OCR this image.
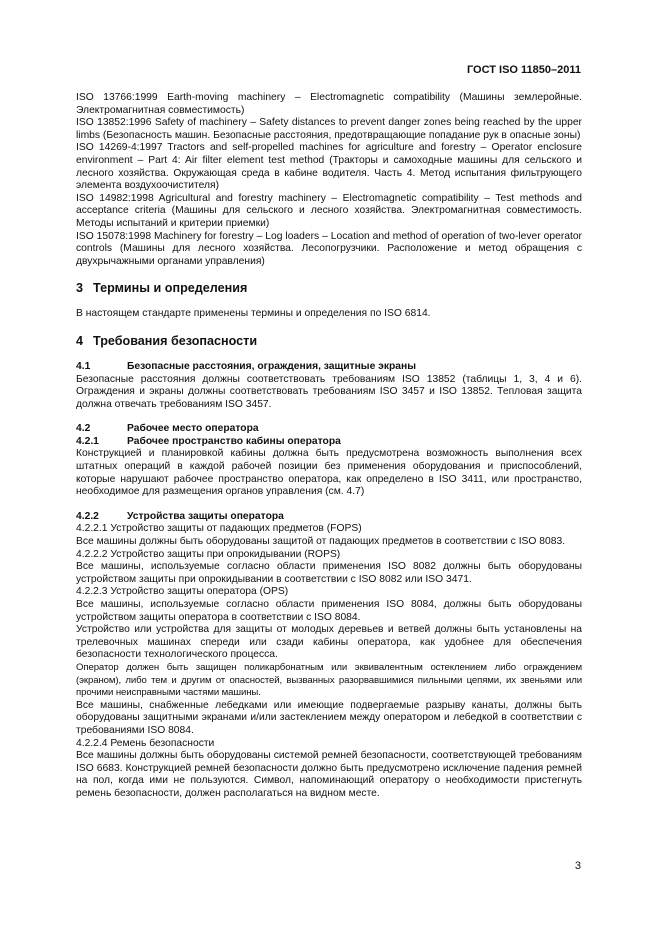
ГОСТ ISO 11850–2011

ISO 13766:1999 Earth-moving machinery – Electromagnetic compatibility (Машины землеройные. Электромагнитная совместимость)

ISO 13852:1996 Safety of machinery – Safety distances to prevent danger zones being reached by the upper limbs (Безопасность машин. Безопасные расстояния, предотвращающие попадание рук в опасные зоны)

ISO 14269-4:1997 Tractors and self-propelled machines for agriculture and forestry – Operator enclosure environment – Part 4: Air filter element test method (Тракторы и самоходные машины для сельского и лесного хозяйства. Окружающая среда в кабине водителя. Часть 4. Метод испытания фильтрующего элемента воздухоочистителя)

ISO 14982:1998 Agricultural and forestry machinery – Electromagnetic compatibility – Test methods and acceptance criteria (Машины для сельского и лесного хозяйства. Электромагнитная совместимость. Методы испытаний и критерии приемки)

ISO 15078:1998 Machinery for forestry – Log loaders – Location and method of operation of two-lever operator controls (Машины для лесного хозяйства. Лесопогрузчики. Расположение и метод обращения с двухрычажными органами управления)

3 Термины и определения

В настоящем стандарте применены термины и определения по ISO 6814.

4 Требования безопасности
4.1	Безопасные расстояния, ограждения, защитные экраны

Безопасные расстояния должны соответствовать требованиям ISO 13852 (таблицы 1, 3, 4 и 6). Ограждения и экраны должны соответствовать требованиям ISO 3457 и ISO 13852. Тепловая защита должна отвечать требованиям ISO 3457.

4.2	Рабочее место оператора
4.2.1	Рабочее пространство кабины оператора

Конструкцией и планировкой кабины должна быть предусмотрена возможность выполнения всех штатных операций в каждой рабочей позиции без применения оборудования и приспособлений, которые нарушают рабочее пространство оператора, как определено в ISO 3411, или пространство, необходимое для размещения органов управления (см. 4.7)

4.2.2	Устройства защиты оператора

4.2.2.1 Устройство защиты от падающих предметов (FOPS)

Все машины должны быть оборудованы защитой от падающих предметов в соответствии с ISO 8083.

4.2.2.2 Устройство защиты при опрокидывании (ROPS)

Все машины, используемые согласно области применения ISO 8082 должны быть оборудованы устройством защиты при опрокидывании в соответствии с ISO 8082 или ISO 3471.

4.2.2.3 Устройство защиты оператора (OPS)

Все машины, используемые согласно области применения ISO 8084, должны быть оборудованы устройством защиты оператора в соответствии с ISO 8084.

Устройство или устройства для защиты от молодых деревьев и ветвей должны быть установлены на трелевочных машинах спереди или сзади кабины оператора, как удобнее для обеспечения безопасности технологического процесса.

Оператор должен быть защищен поликарбонатным или эквивалентным остеклением либо ограждением (экраном), либо тем и другим от опасностей, вызванных разорвавшимися пильными цепями, их звеньями или прочими неисправными частями машины.

Все машины, снабженные лебедками или имеющие подвергаемые разрыву канаты, должны быть оборудованы защитными экранами и/или застеклением между оператором и лебедкой в соответствии с требованиями ISO 8084.

4.2.2.4 Ремень безопасности

Все машины должны быть оборудованы системой ремней безопасности, соответствующей требованиям ISO 6683. Конструкцией ремней безопасности должно быть предусмотрено исключение падения ремней на пол, когда ими не пользуются. Символ, напоминающий оператору о необходимости пристегнуть ремень безопасности, должен располагаться на видном месте.

3
